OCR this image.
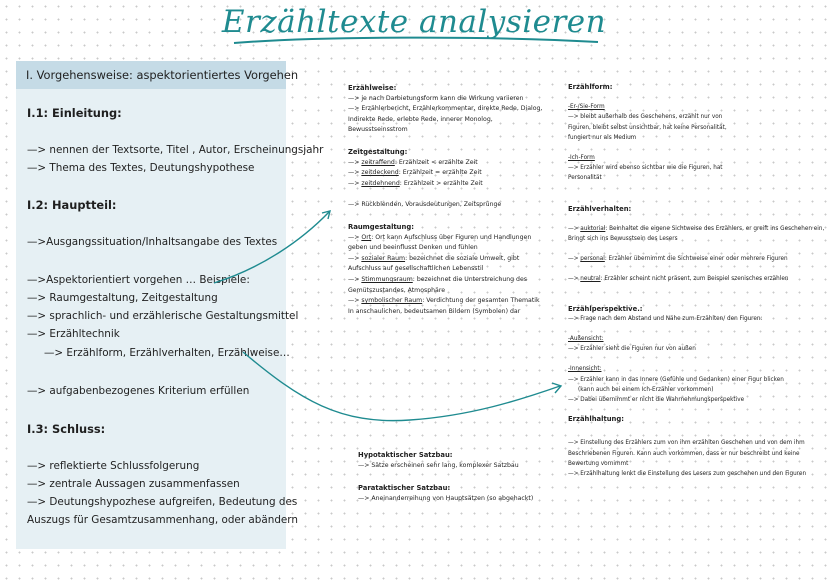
Erzähltexte analysieren
I. Vorgehensweise: aspektorientiertes Vorgehen
I.1: Einleitung:
—> nennen der Textsorte, Titel , Autor, Erscheinungsjahr
—> Thema des Textes, Deutungshypothese
I.2: Hauptteil:
—>Ausgangssituation/Inhaltsangabe des Textes
—>Aspektorientiert vorgehen … Beispiele:
—> Raumgestaltung, Zeitgestaltung
—> sprachlich- und erzählerische Gestaltungsmittel
—> Erzähltechnik
—> Erzählform, Erzählverhalten, Erzählweise…
—> aufgabenbezogenes Kriterium erfüllen
I.3: Schluss:
—> reflektierte Schlussfolgerung
—> zentrale Aussagen zusammenfassen
—> Deutungshypozhese aufgreifen, Bedeutung des
Auszugs für Gesamtzusammenhang, oder abändern
Erzählweise:
—> je nach Darbietungsform kann die Wirkung variieren
—> Erzählerbericht, Erzählerkommentar, direkte Rede, Dialog,
Indirekte Rede, erlebte Rede, innerer Monolog,
Bewusstseinsstrom
Zeitgestaltung:
—> zeitraffend: Erzählzeit < erzählte Zeit
—> zeitdeckend: Erzählzeit = erzählte Zeit
—> zeitdehnend: Erzählzeit > erzählte Zeit
—> Rückblenden, Vorausdeutungen, Zeitsprünge
Raumgestaltung:
—> Ort: Ort kann Aufschluss über Figuren und Handlungen
geben und beeinflusst Denken und fühlen
—> sozialer Raum: bezeichnet die soziale Umwelt, gibt
Aufschluss auf gesellschaftlichen Lebensstil
—> Stimmungsraum: bezeichnet die Unterstreichung des
Gemütszustandes, Atmosphäre
—> symbolischer Raum: Verdichtung der gesamten Thematik
In anschaulichen, bedeutsamen Bildern (Symbolen) dar
Hypotaktischer Satzbau:
—> Sätze erscheinen sehr lang, komplexer Satzbau
Parataktischer Satzbau:
—> Aneinanderreihung von Hauptsätzen (so abgehackt)
Erzählform:
-Er-/Sie-Form
—> bleibt außerhalb des Geschehens, erzählt nur von
Figuren, bleibt selbst unsichtbar, hat keine Personalität,
fungiert nur als Medium
-Ich-Form
—> Erzähler wird ebenso sichtbar wie die Figuren, hat
Personalität
Erzählverhalten:
—> auktorial: Beinhaltet die eigene Sichtweise des Erzählers, er greift ins Geschehen ein,
Bringt sich ins Bewusstsein des Lesers
—> personal: Erzähler übernimmt die Sichtweise einer oder mehrere Figuren
—> neutral: Erzähler scheint nicht präsent, zum Beispiel szenisches erzählen
Erzählperspektive.:
—> Frage nach dem Abstand und Nähe zum Erzählten/ den Figuren:
-Außensicht:
—> Erzähler sieht die Figuren nur von außen
-Innensicht:
—> Erzähler kann in das Innere (Gefühle und Gedanken) einer Figur blicken
(kann auch bei einem Ich-Erzähler vorkommen)
—> Dabei übernimmt er nicht die Wahrnehmungsperspektive
Erzählhaltung:
—> Einstellung des Erzählers zum von ihm erzählten Geschehen und von dem ihm
Beschriebenen Figuren. Kann auch vorkommen, dass er nur beschreibt und keine
Bewertung vornimmt
—> Erzählhaltung lenkt die Einstellung des Lesers zum geschehen und den Figuren
